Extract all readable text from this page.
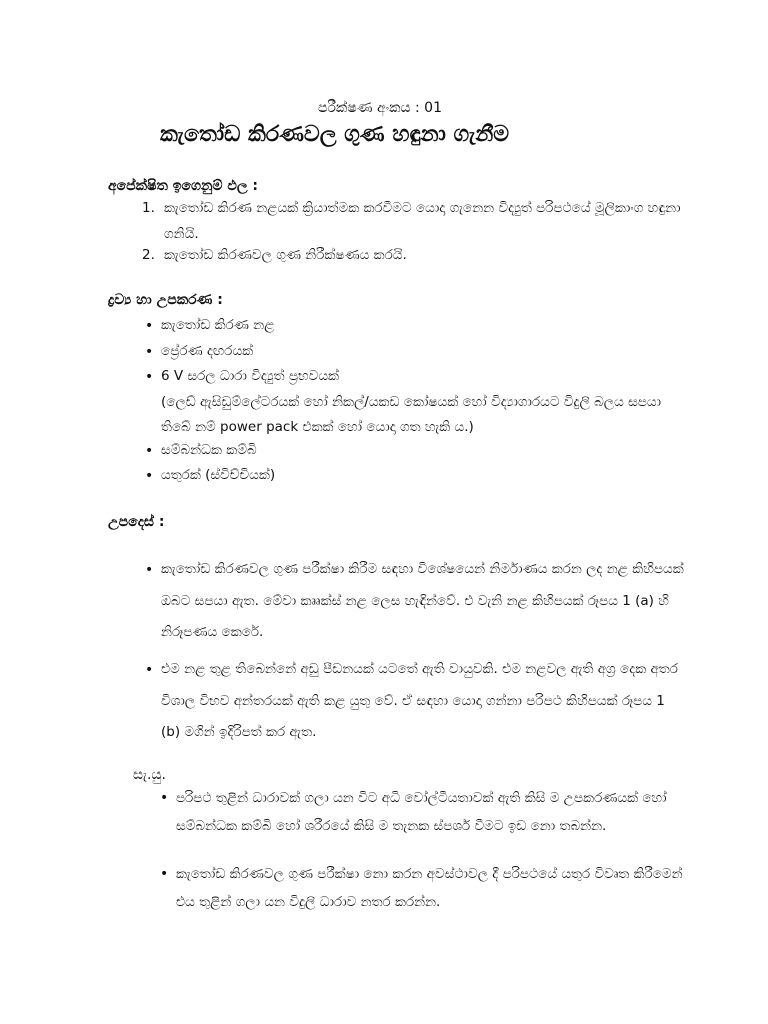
පරීක්ෂණ අංකය : 01
කැතෝඩ කිරණවල ගුණ හඳුනා ගැනීම
අපේක්ෂිත ඉගෙනුම් ඵල :
1. කැතෝඩ කිරණ නළයක් ක්‍රියාත්මක කරවීමට යොදා ගැනෙන විද්‍යුත් පරිපථයේ මූලිකාංග හඳුනා ගනියි.
2. කැතෝඩ කිරණවල ගුණ නිරීක්ෂණය කරයි.
ද්‍රව්‍ය හා උපකරණ :
• කැතෝඩ කිරණ නළ
• ප්‍රේරණ දඟරයක්
• 6 V සරල ධාරා විද්‍යුත් ප්‍රභවයක්
(ලෙඩ් ඇසිඩුම්ලේටරයක් හෝ නිකල්/යකඩ කෝෂයක් හෝ විද්‍යාගාරයට විදුලි බලය සපයා තිබේ නම් power pack එකක් හෝ යොදා ගත හැකි ය.)
• සම්බන්ධක කම්බි
• යතුරක් (ස්විච්චියක්)
උපදෙස් :
• කැතෝඩ කිරණවල ගුණ පරීක්ෂා කිරීම සඳහා විශේෂයෙන් නිර්මාණය කරන ලද නළ කිහිපයක් ඔබට සපයා ඇත. මේවා කෲක්ස් නළ ලෙස හැඳින්වේ. එ වැනි නළ කිහිපයක් රූපය 1 (a) හි නිරූපණය කෙරේ.
• එම නළ තුළ තිබෙන්නේ අඩු පීඩනයක් යටතේ ඇති වායුවකි. එම නළවල ඇති අග්‍ර දෙක අතර විශාල විභව අන්තරයක් ඇති කළ යුතු වේ. ඒ සඳහා යොදා ගන්නා පරිපථ කිහිපයක් රූපය 1 (b) මගින් ඉදිරිපත් කර ඇත.
සැ.යු.
• පරිපථ තුළින් ධාරාවක් ගලා යන විට අධි වෝල්ටීයතාවක් ඇති කිසි ම උපකරණයක් හෝ සම්බන්ධක කම්බි හෝ ශරීරයේ කිසි ම තැනක ස්පර්ශ වීමට ඉඩ නො තබන්න.
• කැතෝඩ කිරණවල ගුණ පරීක්ෂා නො කරන අවස්ථාවල දී පරිපථයේ යතුර විවෘත කිරීමෙන් එය තුළින් ගලා යන විදුලි ධාරාව නතර කරන්න.
